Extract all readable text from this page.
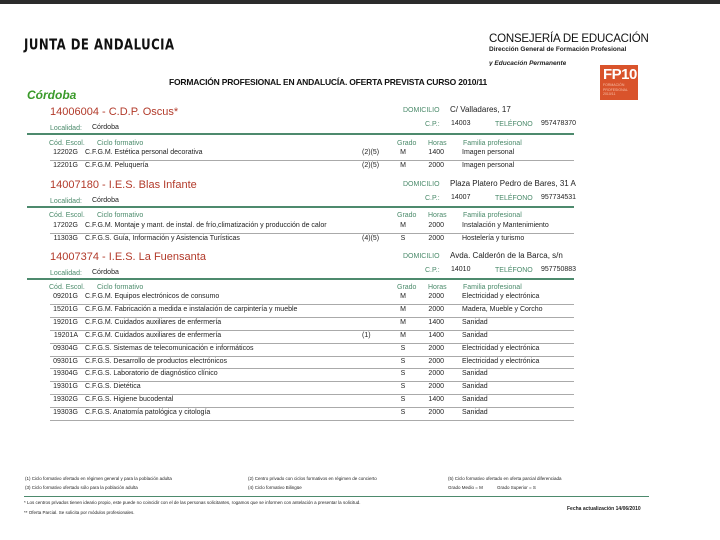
JUNTA DE ANDALUCIA	CONSEJERÍA DE EDUCACIÓN
Dirección General de Formación Profesional
y Educación Permanente
FP10
FORMACIÓN PROFESIONAL 2010/11
FORMACIÓN PROFESIONAL EN ANDALUCÍA. OFERTA PREVISTA CURSO 2010/11
Córdoba
14006004 - C.D.P. Oscus*	DOMICILIO C/ Valladares, 17
C.P.: 14003	TELÉFONO 957478370
Localidad: Córdoba
Cód. Escol. Ciclo formativo	Grado Horas Familia profesional
12202G C.F.G.M. Estética personal decorativa	(2)(5)	M	1400	Imagen personal
12201G C.F.G.M. Peluquería	(2)(5)	M	2000	Imagen personal
14007180 - I.E.S. Blas Infante	DOMICILIO Plaza Platero Pedro de Bares, 31 A
C.P.: 14007	TELÉFONO 957734531
Localidad: Córdoba
Cód. Escol. Ciclo formativo	Grado Horas Familia profesional
17202G C.F.G.M. Montaje y mant. de instal. de frío,climatización y producción de calor	M	2000	Instalación y Mantenimiento
11303G C.F.G.S. Guía, Información y Asistencia Turísticas	(4)(5)	S	2000	Hostelería y turismo
14007374 - I.E.S. La Fuensanta	DOMICILIO Avda. Calderón de la Barca, s/n
C.P.: 14010	TELÉFONO 957750883
Localidad: Córdoba
Cód. Escol. Ciclo formativo	Grado Horas Familia profesional
09201G C.F.G.M. Equipos electrónicos de consumo	M	2000	Electricidad y electrónica
15201G C.F.G.M. Fabricación a medida e instalación de carpintería y mueble	M	2000	Madera, Mueble y Corcho
19201G C.F.G.M. Cuidados auxiliares de enfermería	M	1400	Sanidad
19201A C.F.G.M. Cuidados auxiliares de enfermería	(1)	M	1400	Sanidad
09304G C.F.G.S. Sistemas de telecomunicación e informáticos	S	2000	Electricidad y electrónica
09301G C.F.G.S. Desarrollo de productos electrónicos	S	2000	Electricidad y electrónica
19304G C.F.G.S. Laboratorio de diagnóstico clínico	S	2000	Sanidad
19301G C.F.G.S. Dietética	S	2000	Sanidad
19302G C.F.G.S. Higiene bucodental	S	1400	Sanidad
19303G C.F.G.S. Anatomía patológica y citología	S	2000	Sanidad
(1) Ciclo formativo ofertado en régimen general y para la población adulta
(3) Ciclo formativo ofertado sólo para la población adulta
(2) Centro privado con ciclos formativos en régimen de concierto
(4) Ciclo formativo Bilingüe
(5) Ciclo formativo ofertado en oferta parcial diferenciada
Grado Medio = M	Grado Superior = S
* Los centros privados tienen ideario propio, este puede no coincidir con el de las personas solicitantes, rogamos que se informen con antelación a presentar la solicitud.
** Oferta Parcial. Se solicita por módulos profesionales.
Fecha actualización 14/06/2010
